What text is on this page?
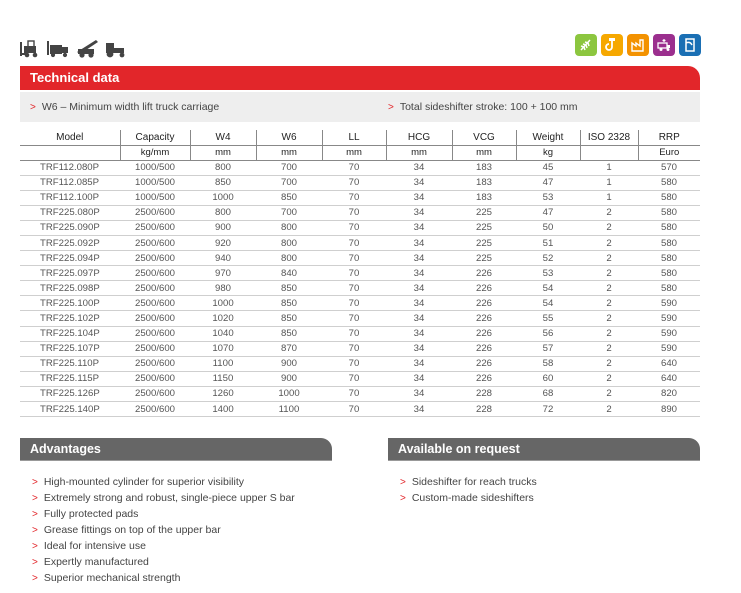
Technical data
> W6 – Minimum width lift truck carriage	> Total sideshifter stroke: 100 + 100 mm
Model	Capacity	W4	W6	LL	HCG	VCG	Weight	ISO 2328	RRP
	kg/mm	mm	mm	mm	mm	mm	kg		Euro
TRF112.080P	1000/500	800	700	70	34	183	45	1	570
TRF112.085P	1000/500	850	700	70	34	183	47	1	580
TRF112.100P	1000/500	1000	850	70	34	183	53	1	580
TRF225.080P	2500/600	800	700	70	34	225	47	2	580
TRF225.090P	2500/600	900	800	70	34	225	50	2	580
TRF225.092P	2500/600	920	800	70	34	225	51	2	580
TRF225.094P	2500/600	940	800	70	34	225	52	2	580
TRF225.097P	2500/600	970	840	70	34	226	53	2	580
TRF225.098P	2500/600	980	850	70	34	226	54	2	580
TRF225.100P	2500/600	1000	850	70	34	226	54	2	590
TRF225.102P	2500/600	1020	850	70	34	226	55	2	590
TRF225.104P	2500/600	1040	850	70	34	226	56	2	590
TRF225.107P	2500/600	1070	870	70	34	226	57	2	590
TRF225.110P	2500/600	1100	900	70	34	226	58	2	640
TRF225.115P	2500/600	1150	900	70	34	226	60	2	640
TRF225.126P	2500/600	1260	1000	70	34	228	68	2	820
TRF225.140P	2500/600	1400	1100	70	34	228	72	2	890
Advantages
> High-mounted cylinder for superior visibility
> Extremely strong and robust, single-piece upper S bar
> Fully protected pads
> Grease fittings on top of the upper bar
> Ideal for intensive use
> Expertly manufactured
> Superior mechanical strength
Available on request
> Sideshifter for reach trucks
> Custom-made sideshifters
